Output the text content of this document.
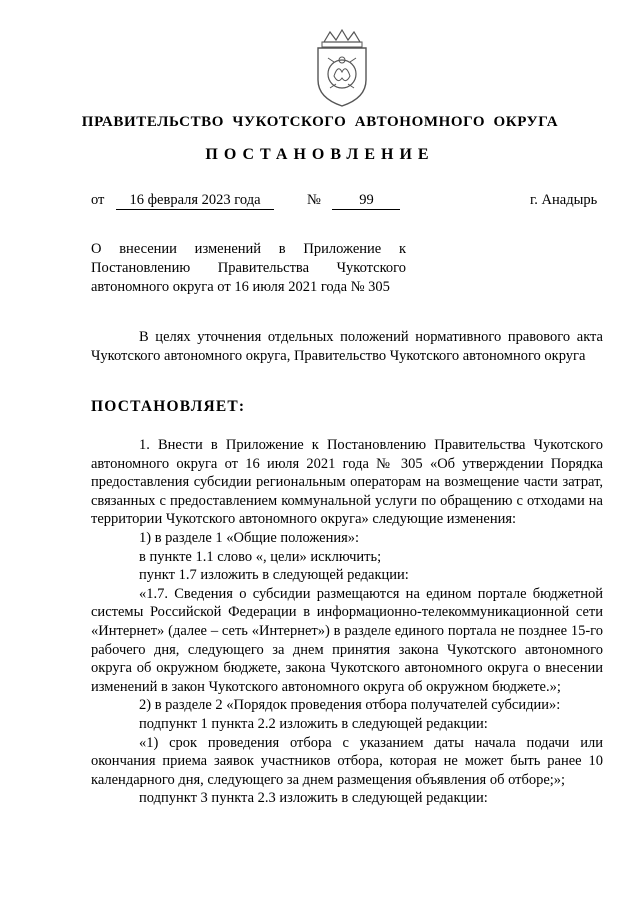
ПРАВИТЕЛЬСТВО ЧУКОТСКОГО АВТОНОМНОГО ОКРУГА
ПОСТАНОВЛЕНИЕ
от 16 февраля 2023 года	№	99	г. Анадырь
О внесении изменений в Приложение к
Постановлению Правительства Чукотского
автономного округа от 16 июля 2021 года № 305

В целях уточнения отдельных положений нормативного правового акта Чукотского автономного округа, Правительство Чукотского автономного округа

ПОСТАНОВЛЯЕТ:

1. Внести в Приложение к Постановлению Правительства Чукотского автономного округа от 16 июля 2021 года № 305 «Об утверждении Порядка предоставления субсидии региональным операторам на возмещение части затрат, связанных с предоставлением коммунальной услуги по обращению с отходами на территории Чукотского автономного округа» следующие изменения:

1) в разделе 1 «Общие положения»:

в пункте 1.1 слово «, цели» исключить;

пункт 1.7 изложить в следующей редакции:

«1.7. Сведения о субсидии размещаются на едином портале бюджетной системы Российской Федерации в информационно-телекоммуникационной сети «Интернет» (далее – сеть «Интернет») в разделе единого портала не позднее 15-го рабочего дня, следующего за днем принятия закона Чукотского автономного округа об окружном бюджете, закона Чукотского автономного округа о внесении изменений в закон Чукотского автономного округа об окружном бюджете.»;

2) в разделе 2 «Порядок проведения отбора получателей субсидии»:

подпункт 1 пункта 2.2 изложить в следующей редакции:

«1) срок проведения отбора с указанием даты начала подачи или окончания приема заявок участников отбора, которая не может быть ранее 10 календарного дня, следующего за днем размещения объявления об отборе;»;

подпункт 3 пункта 2.3 изложить в следующей редакции:
